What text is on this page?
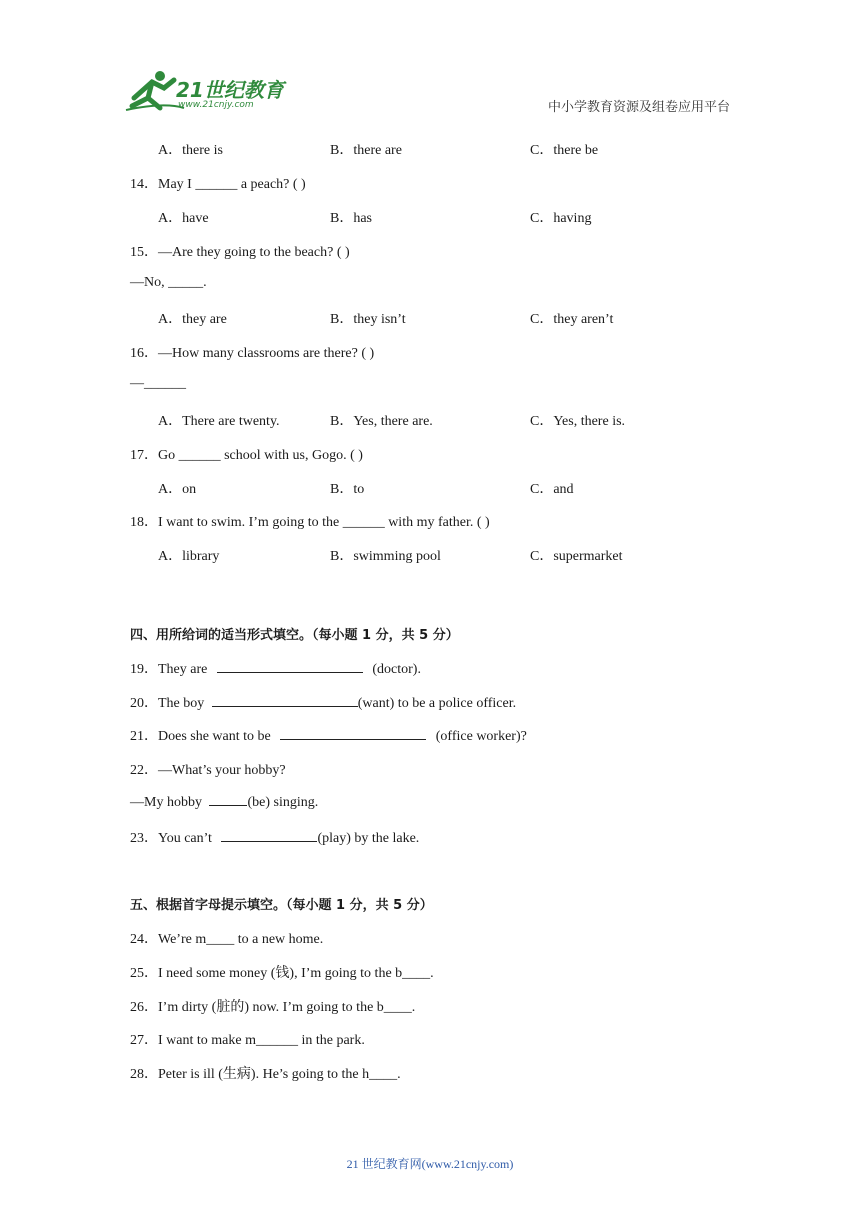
21世纪教育
www.21cnjy.com	中小学教育资源及组卷应用平台
A．there is	B．there are	C．there be
14．May I ______ a peach? ( )
A．have	B．has	C．having
15．—Are they going to the beach? ( )
—No, _____.
A．they are	B．they isn’t	C．they aren’t
16．—How many classrooms are there? ( )
—______
A．There are twenty.	B．Yes, there are.	C．Yes, there is.
17．Go ______ school with us, Gogo. ( )
A．on	B．to	C．and
18．I want to swim. I’m going to the ______ with my father. ( )
A．library	B．swimming pool	C．supermarket
四、用所给词的适当形式填空。（每小题 1 分，共 5 分）
19．They are	(doctor).
20．The boy	(want) to be a police officer.
21．Does she want to be	(office worker)?
22．—What’s your hobby?
—My hobby	(be) singing.
23．You can’t	(play) by the lake.
五、根据首字母提示填空。（每小题 1 分，共 5 分）
24．We’re m____ to a new home.
25．I need some money (钱), I’m going to the b____.
26．I’m dirty (脏的) now. I’m going to the b____.
27．I want to make m______ in the park.
28．Peter is ill (生病). He’s going to the h____.
21 世纪教育网(www.21cnjy.com)
